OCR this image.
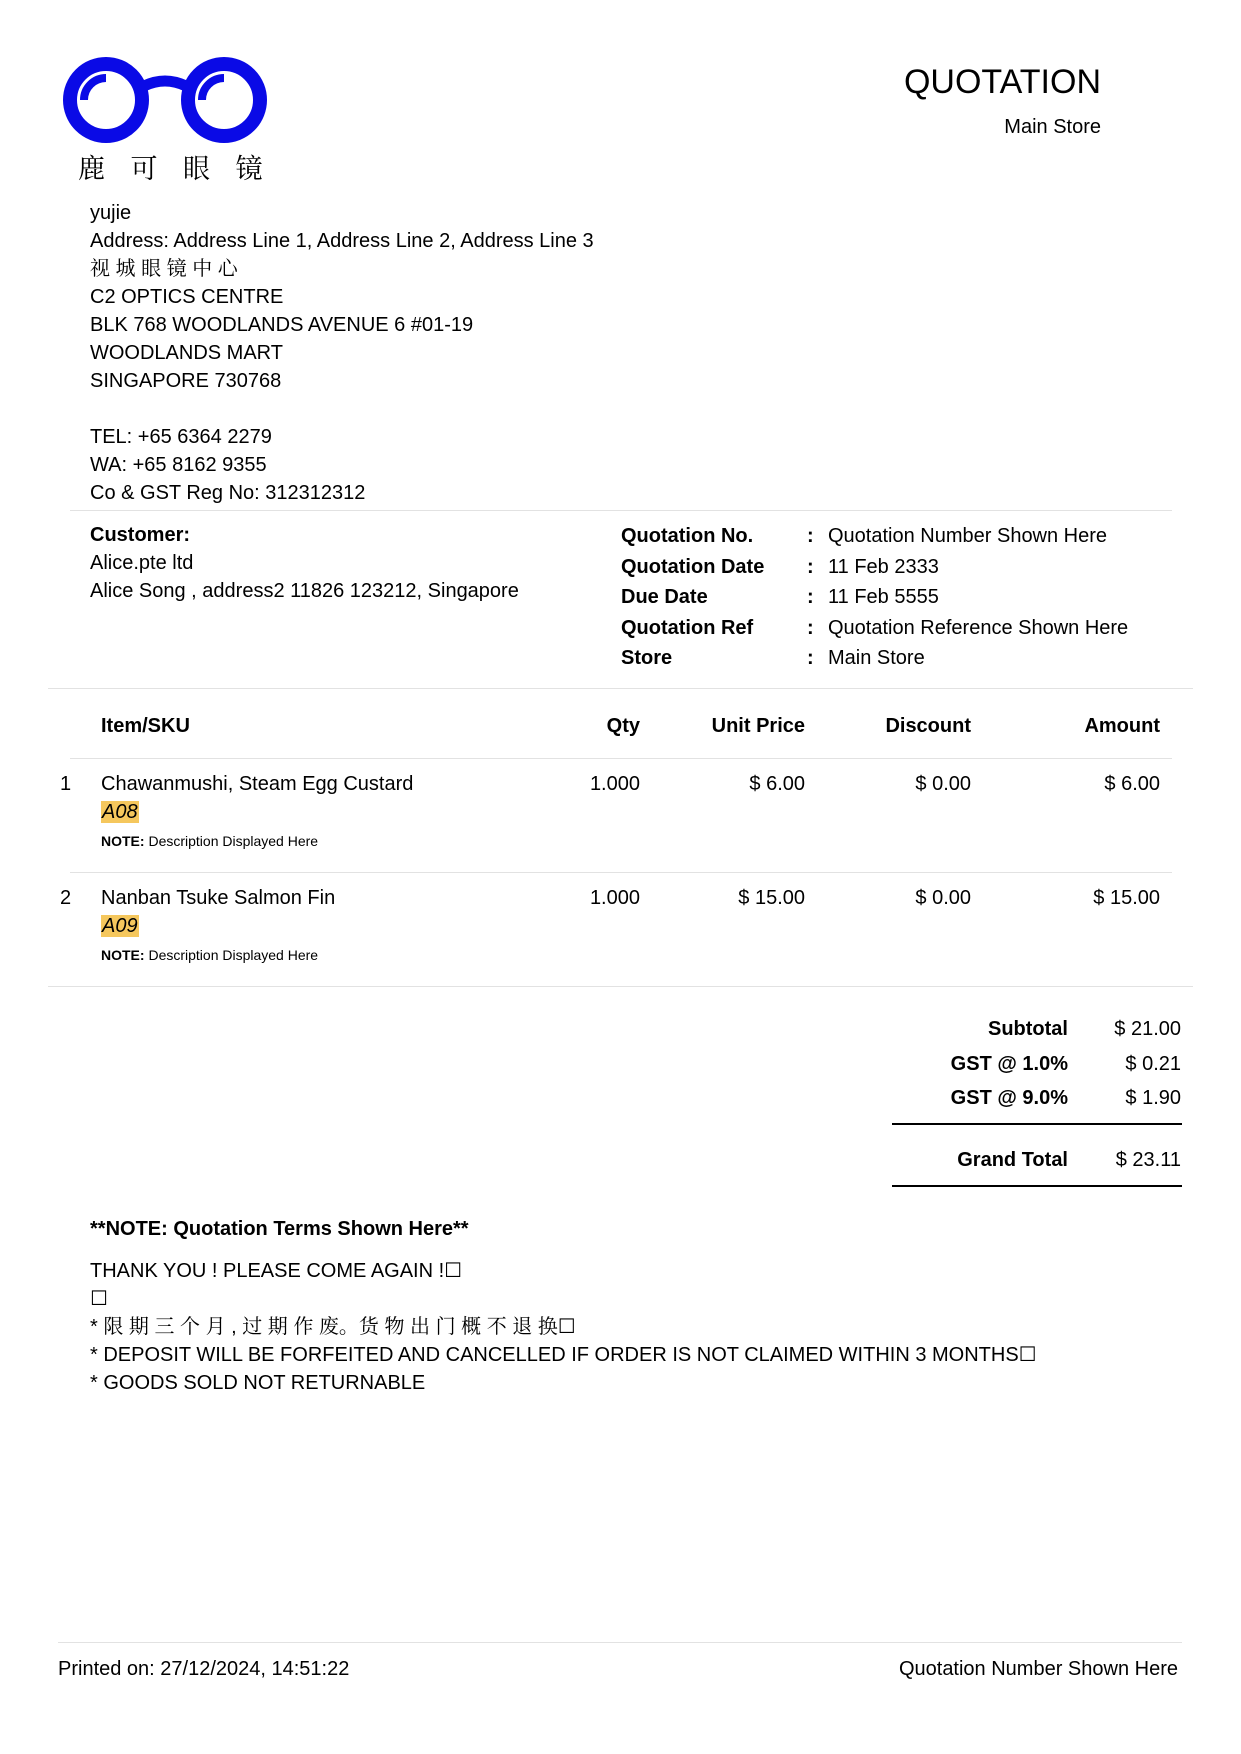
鹿 可 眼 镜
QUOTATION
Main Store
yujie
Address: Address Line 1, Address Line 2, Address Line 3
视 城 眼 镜 中 心
C2 OPTICS CENTRE
BLK 768 WOODLANDS AVENUE 6 #01-19
WOODLANDS MART
SINGAPORE 730768
TEL: +65 6364 2279
WA: +65 8162 9355
Co & GST Reg No: 312312312
Customer:
Alice.pte ltd
Alice Song , address2 11826 123212, Singapore
Quotation No.	: Quotation Number Shown Here
Quotation Date : 11 Feb 2333
Due Date	: 11 Feb 5555
Quotation Ref	: Quotation Reference Shown Here
Store	: Main Store
Item/SKU	Qty	Unit Price	Discount	Amount
1 Chawanmushi, Steam Egg Custard
A08
NOTE: Description Displayed Here
1.000	$ 6.00	$ 0.00	$ 6.00
2 Nanban Tsuke Salmon Fin
A09
NOTE: Description Displayed Here
1.000	$ 15.00	$ 0.00	$ 15.00
Subtotal $ 21.00
GST @ 1.0%	$ 0.21
GST @ 9.0%	$ 1.90
Grand Total $ 23.11
**NOTE: Quotation Terms Shown Here**
THANK YOU ! PLEASE COME AGAIN !☐
☐
* 限 期 三 个 月 , 过 期 作 废。货 物 出 门 概 不 退 换☐
* DEPOSIT WILL BE FORFEITED AND CANCELLED IF ORDER IS NOT CLAIMED WITHIN 3 MONTHS☐
* GOODS SOLD NOT RETURNABLE
Printed on: 27/12/2024, 14:51:22	Quotation Number Shown Here
